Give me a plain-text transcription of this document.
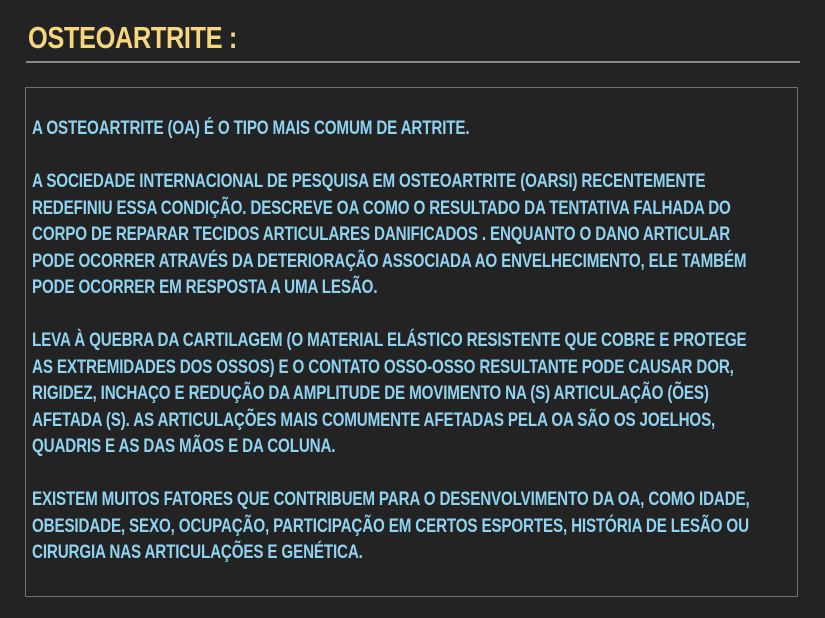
OSTEOARTRITE :

A OSTEOARTRITE (OA) É O TIPO MAIS COMUM DE ARTRITE.

A SOCIEDADE INTERNACIONAL DE PESQUISA EM OSTEOARTRITE (OARSI) RECENTEMENTE
REDEFINIU ESSA CONDIÇÃO. DESCREVE OA COMO O RESULTADO DA TENTATIVA FALHADA DO
CORPO DE REPARAR TECIDOS ARTICULARES DANIFICADOS . ENQUANTO O DANO ARTICULAR
PODE OCORRER ATRAVÉS DA DETERIORAÇÃO ASSOCIADA AO ENVELHECIMENTO, ELE TAMBÉM
PODE OCORRER EM RESPOSTA A UMA LESÃO.

LEVA À QUEBRA DA CARTILAGEM (O MATERIAL ELÁSTICO RESISTENTE QUE COBRE E PROTEGE
AS EXTREMIDADES DOS OSSOS) E O CONTATO OSSO-OSSO RESULTANTE PODE CAUSAR DOR,
RIGIDEZ, INCHAÇO E REDUÇÃO DA AMPLITUDE DE MOVIMENTO NA (S) ARTICULAÇÃO (ÕES)
AFETADA (S). AS ARTICULAÇÕES MAIS COMUMENTE AFETADAS PELA OA SÃO OS JOELHOS,
QUADRIS E AS DAS MÃOS E DA COLUNA.

EXISTEM MUITOS FATORES QUE CONTRIBUEM PARA O DESENVOLVIMENTO DA OA, COMO IDADE,
OBESIDADE, SEXO, OCUPAÇÃO, PARTICIPAÇÃO EM CERTOS ESPORTES, HISTÓRIA DE LESÃO OU
CIRURGIA NAS ARTICULAÇÕES E GENÉTICA.
